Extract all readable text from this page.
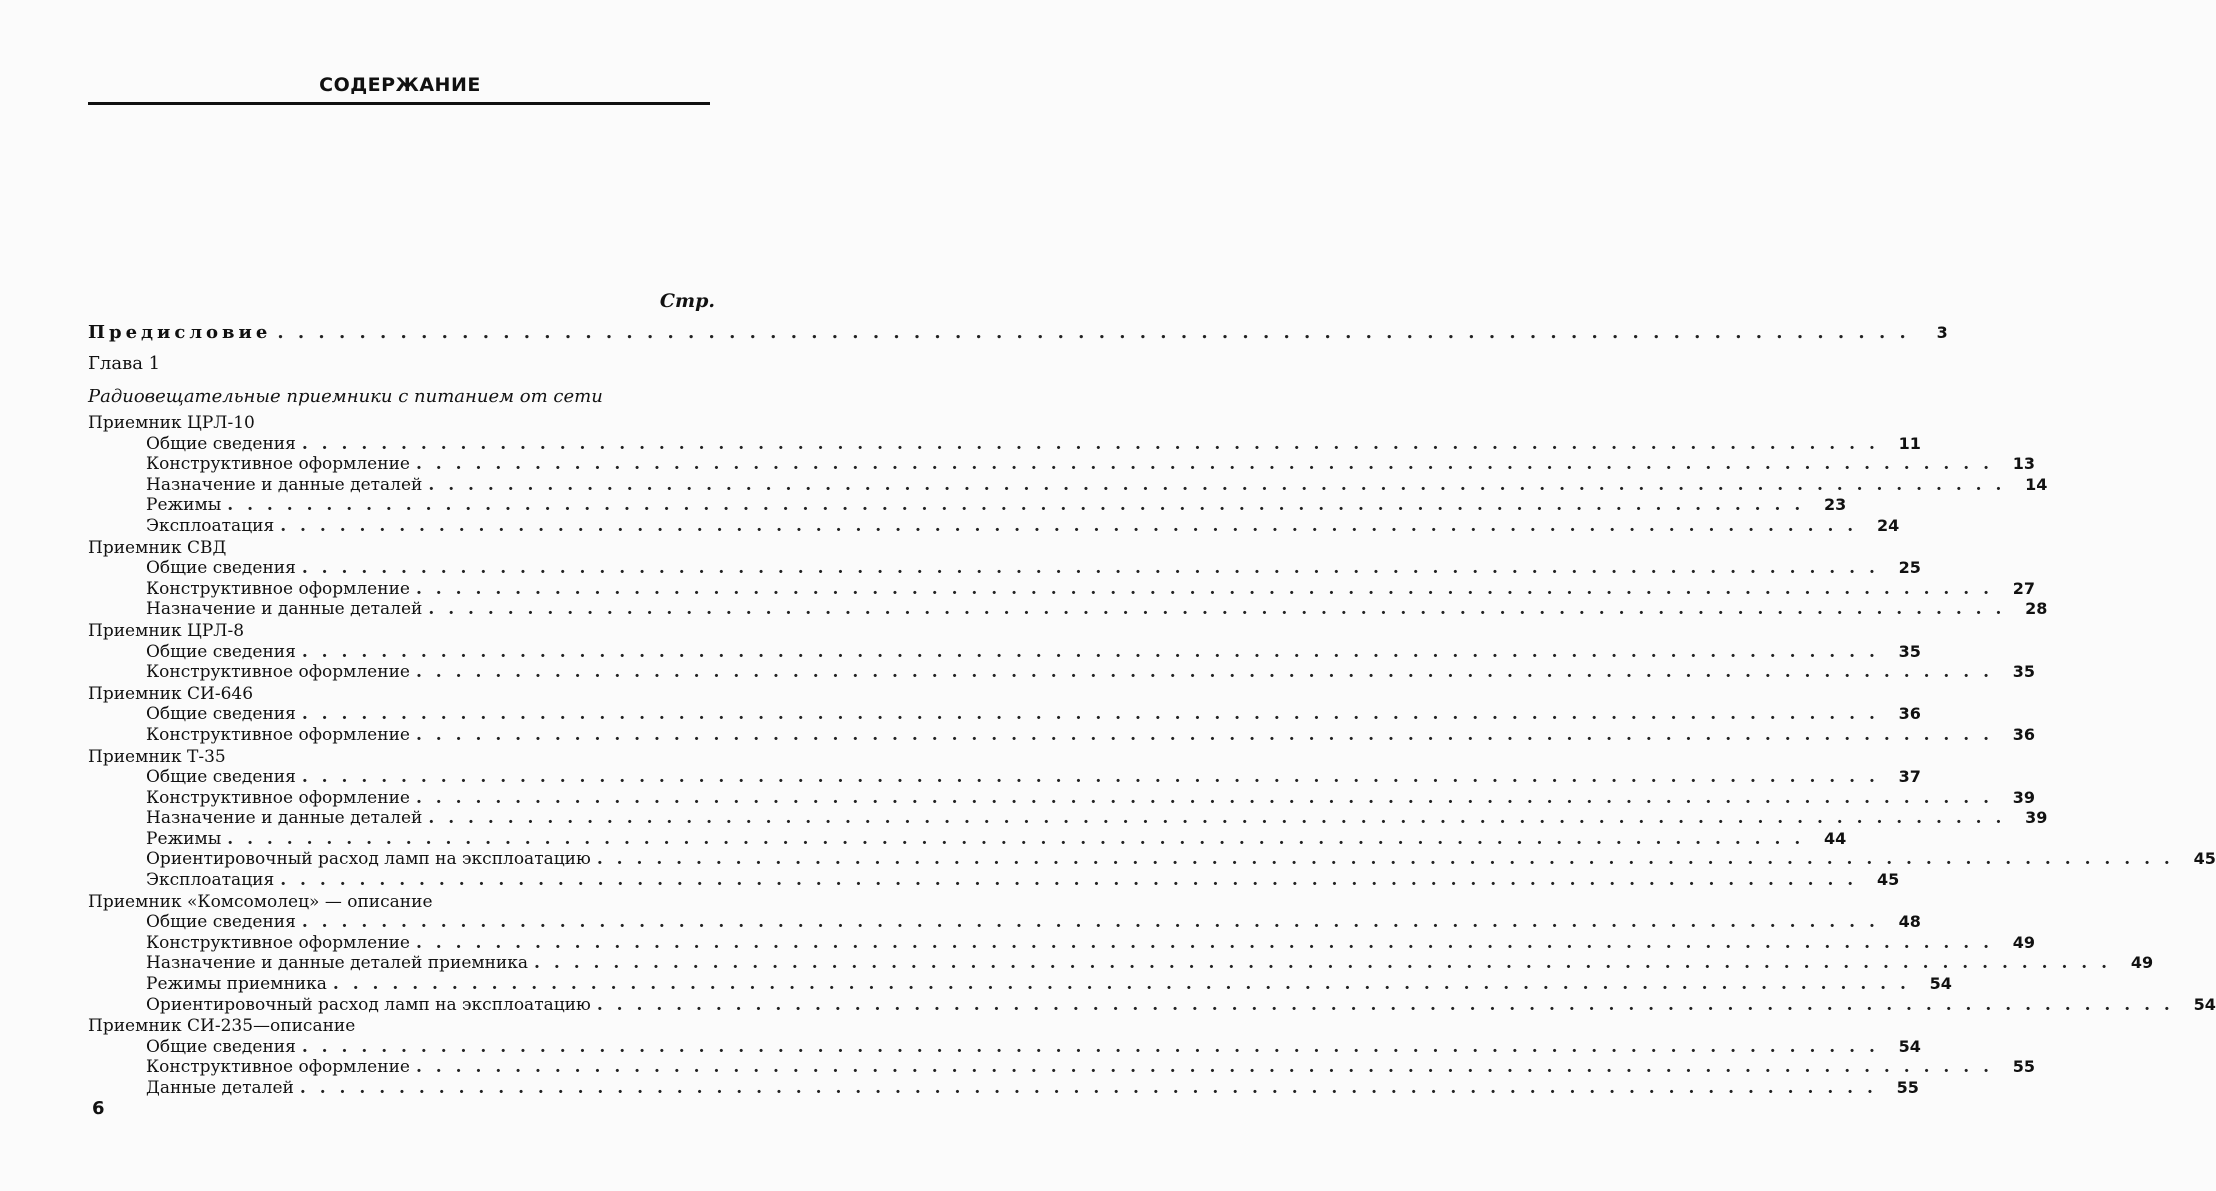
СОДЕРЖАНИЕ
Стр.
Предисловие . . . . . . . . . . . . . . . . . . . . . . . . . . . . . . . . . . . . . . . . . . . . . . . . . . . . . . . . . . . . . . . . . . . . . . . . . . . . . . . .	3
Глава 1
Радиовещательные приемники с питанием от сети
Приемник ЦРЛ-10
Общие сведения . . . . . . . . . . . . . . . . . . . . . . . . . . . . . . . . . . . . . . . . . . . . . . . . . . . . . . . . . . . . . . . . . . . . . . . . . . . . . . . .	11
Конструктивное оформление . . . . . . . . . . . . . . . . . . . . . . . . . . . . . . . . . . . . . . . . . . . . . . . . . . . . . . . . . . . . . . . . . . . . . . . . . . . . . . . .	13
Назначение и данные деталей . . . . . . . . . . . . . . . . . . . . . . . . . . . . . . . . . . . . . . . . . . . . . . . . . . . . . . . . . . . . . . . . . . . . . . . . . . . . . . . .	14
Режимы . . . . . . . . . . . . . . . . . . . . . . . . . . . . . . . . . . . . . . . . . . . . . . . . . . . . . . . . . . . . . . . . . . . . . . . . . . . . . . . .	23
Эксплоатация . . . . . . . . . . . . . . . . . . . . . . . . . . . . . . . . . . . . . . . . . . . . . . . . . . . . . . . . . . . . . . . . . . . . . . . . . . . . . . . .	24
Приемник СВД
Общие сведения . . . . . . . . . . . . . . . . . . . . . . . . . . . . . . . . . . . . . . . . . . . . . . . . . . . . . . . . . . . . . . . . . . . . . . . . . . . . . . . .	25
Конструктивное оформление . . . . . . . . . . . . . . . . . . . . . . . . . . . . . . . . . . . . . . . . . . . . . . . . . . . . . . . . . . . . . . . . . . . . . . . . . . . . . . . .	27
Назначение и данные деталей . . . . . . . . . . . . . . . . . . . . . . . . . . . . . . . . . . . . . . . . . . . . . . . . . . . . . . . . . . . . . . . . . . . . . . . . . . . . . . . .	28
Приемник ЦРЛ-8
Общие сведения . . . . . . . . . . . . . . . . . . . . . . . . . . . . . . . . . . . . . . . . . . . . . . . . . . . . . . . . . . . . . . . . . . . . . . . . . . . . . . . .	35
Конструктивное оформление . . . . . . . . . . . . . . . . . . . . . . . . . . . . . . . . . . . . . . . . . . . . . . . . . . . . . . . . . . . . . . . . . . . . . . . . . . . . . . . .	35
Приемник СИ-646
Общие сведения . . . . . . . . . . . . . . . . . . . . . . . . . . . . . . . . . . . . . . . . . . . . . . . . . . . . . . . . . . . . . . . . . . . . . . . . . . . . . . . .	36
Конструктивное оформление . . . . . . . . . . . . . . . . . . . . . . . . . . . . . . . . . . . . . . . . . . . . . . . . . . . . . . . . . . . . . . . . . . . . . . . . . . . . . . . .	36
Приемник Т-35
Общие сведения . . . . . . . . . . . . . . . . . . . . . . . . . . . . . . . . . . . . . . . . . . . . . . . . . . . . . . . . . . . . . . . . . . . . . . . . . . . . . . . .	37
Конструктивное оформление . . . . . . . . . . . . . . . . . . . . . . . . . . . . . . . . . . . . . . . . . . . . . . . . . . . . . . . . . . . . . . . . . . . . . . . . . . . . . . . .	39
Назначение и данные деталей . . . . . . . . . . . . . . . . . . . . . . . . . . . . . . . . . . . . . . . . . . . . . . . . . . . . . . . . . . . . . . . . . . . . . . . . . . . . . . . .	39
Режимы . . . . . . . . . . . . . . . . . . . . . . . . . . . . . . . . . . . . . . . . . . . . . . . . . . . . . . . . . . . . . . . . . . . . . . . . . . . . . . . .	44
Ориентировочный расход ламп на эксплоатацию . . . . . . . . . . . . . . . . . . . . . . . . . . . . . . . . . . . . . . . . . . . . . . . . . . . . . . . . . . . . . . . . . . . . . . . . . . . . . . . .	45
Эксплоатация . . . . . . . . . . . . . . . . . . . . . . . . . . . . . . . . . . . . . . . . . . . . . . . . . . . . . . . . . . . . . . . . . . . . . . . . . . . . . . . .	45
Приемник «Комсомолец» — описание
Общие сведения . . . . . . . . . . . . . . . . . . . . . . . . . . . . . . . . . . . . . . . . . . . . . . . . . . . . . . . . . . . . . . . . . . . . . . . . . . . . . . . .	48
Конструктивное оформление . . . . . . . . . . . . . . . . . . . . . . . . . . . . . . . . . . . . . . . . . . . . . . . . . . . . . . . . . . . . . . . . . . . . . . . . . . . . . . . .	49
Назначение и данные деталей приемника . . . . . . . . . . . . . . . . . . . . . . . . . . . . . . . . . . . . . . . . . . . . . . . . . . . . . . . . . . . . . . . . . . . . . . . . . . . . . . . .	49
Режимы приемника . . . . . . . . . . . . . . . . . . . . . . . . . . . . . . . . . . . . . . . . . . . . . . . . . . . . . . . . . . . . . . . . . . . . . . . . . . . . . . . .	54
Ориентировочный расход ламп на эксплоатацию . . . . . . . . . . . . . . . . . . . . . . . . . . . . . . . . . . . . . . . . . . . . . . . . . . . . . . . . . . . . . . . . . . . . . . . . . . . . . . . .	54
Приемник СИ-235—описание
Общие сведения . . . . . . . . . . . . . . . . . . . . . . . . . . . . . . . . . . . . . . . . . . . . . . . . . . . . . . . . . . . . . . . . . . . . . . . . . . . . . . . .	54
Конструктивное оформление . . . . . . . . . . . . . . . . . . . . . . . . . . . . . . . . . . . . . . . . . . . . . . . . . . . . . . . . . . . . . . . . . . . . . . . . . . . . . . . .	55
Данные деталей . . . . . . . . . . . . . . . . . . . . . . . . . . . . . . . . . . . . . . . . . . . . . . . . . . . . . . . . . . . . . . . . . . . . . . . . . . . . . . . .	55
6
